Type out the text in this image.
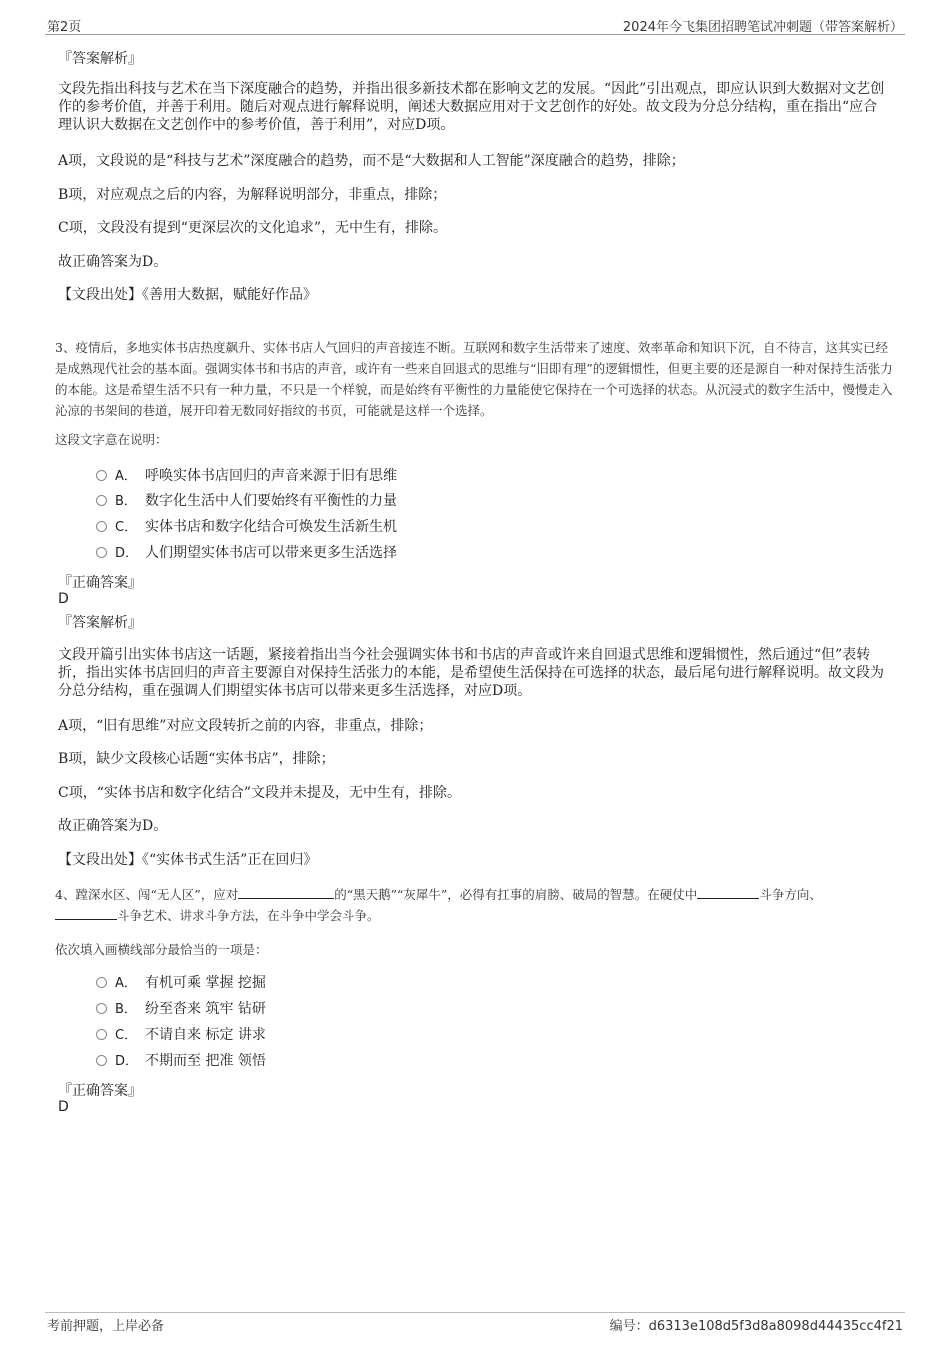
第2页	2024年今飞集团招聘笔试冲刺题（带答案解析）
『答案解析』
文段先指出科技与艺术在当下深度融合的趋势，并指出很多新技术都在影响文艺的发展。“因此”引出观点，即应认识到大数据对文艺创作的参考价值，并善于利用。随后对观点进行解释说明，阐述大数据应用对于文艺创作的好处。故文段为分总分结构，重在指出“应合理认识大数据在文艺创作中的参考价值，善于利用”，对应D项。
A项，文段说的是“科技与艺术”深度融合的趋势，而不是“大数据和人工智能”深度融合的趋势，排除；
B项，对应观点之后的内容，为解释说明部分，非重点，排除；
C项，文段没有提到“更深层次的文化追求”，无中生有，排除。
故正确答案为D。
【文段出处】《善用大数据，赋能好作品》
3、疫情后，多地实体书店热度飙升、实体书店人气回归的声音接连不断。互联网和数字生活带来了速度、效率革命和知识下沉，自不待言，这其实已经是成熟现代社会的基本面。强调实体书和书店的声音，或许有一些来自回退式的思维与“旧即有理”的逻辑惯性，但更主要的还是源自一种对保持生活张力的本能。这是希望生活不只有一种力量，不只是一个样貌，而是始终有平衡性的力量能使它保持在一个可选择的状态。从沉浸式的数字生活中，慢慢走入沁凉的书架间的巷道，展开印着无数同好指纹的书页，可能就是这样一个选择。
这段文字意在说明：
A． 呼唤实体书店回归的声音来源于旧有思维
B． 数字化生活中人们要始终有平衡性的力量
C． 实体书店和数字化结合可焕发生活新生机
D． 人们期望实体书店可以带来更多生活选择
『正确答案』
D
『答案解析』
文段开篇引出实体书店这一话题，紧接着指出当今社会强调实体书和书店的声音或许来自回退式思维和逻辑惯性，然后通过“但”表转折，指出实体书店回归的声音主要源自对保持生活张力的本能，是希望使生活保持在可选择的状态，最后尾句进行解释说明。故文段为分总分结构，重在强调人们期望实体书店可以带来更多生活选择，对应D项。
A项，“旧有思维”对应文段转折之前的内容，非重点，排除；
B项，缺少文段核心话题“实体书店”，排除；
C项，“实体书店和数字化结合”文段并未提及，无中生有，排除。
故正确答案为D。
【文段出处】《“实体书式生活”正在回归》
4、蹚深水区、闯“无人区”，应对	的“黑天鹅”“灰犀牛”，必得有扛事的肩膀、破局的智慧。在硬仗中	斗争方向、
斗争艺术、讲求斗争方法，在斗争中学会斗争。
依次填入画横线部分最恰当的一项是：
A． 有机可乘 掌握 挖掘
B． 纷至沓来 筑牢 钻研
C． 不请自来 标定 讲求
D． 不期而至 把准 领悟
『正确答案』
D
考前押题，上岸必备	编号：d6313e108d5f3d8a8098d44435cc4f21
